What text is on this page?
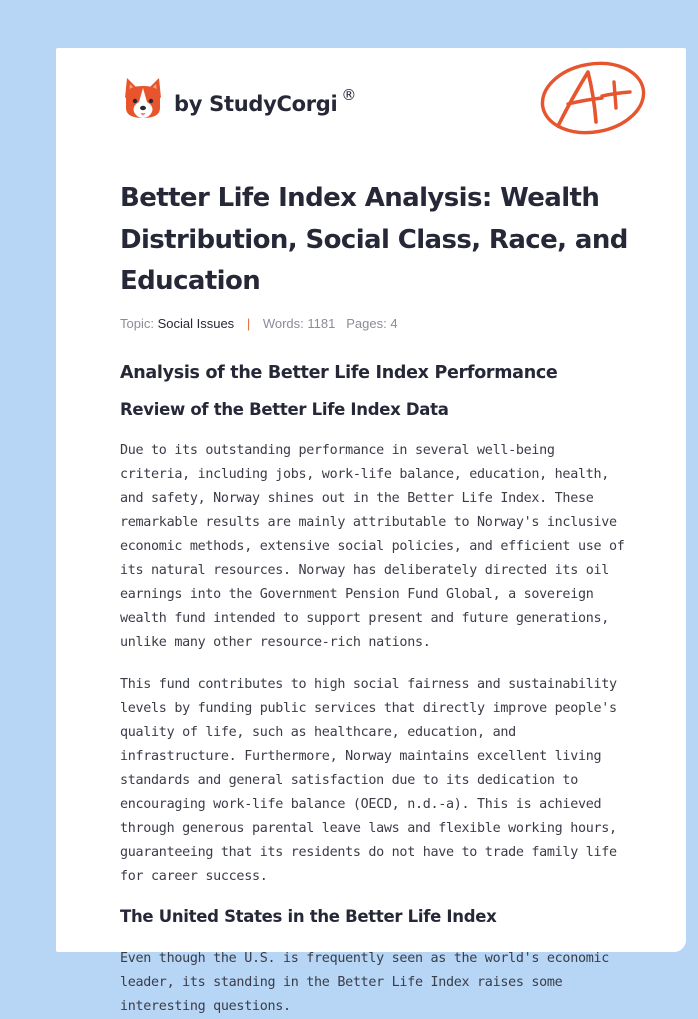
by StudyCorgi ®
Better Life Index Analysis: Wealth Distribution, Social Class, Race, and Education
Topic: Social Issues | Words: 1181 Pages: 4
Analysis of the Better Life Index Performance
Review of the Better Life Index Data

Due to its outstanding performance in several well-being criteria, including jobs, work-life balance, education, health, and safety, Norway shines out in the Better Life Index. These remarkable results are mainly attributable to Norway's inclusive economic methods, extensive social policies, and efficient use of its natural resources. Norway has deliberately directed its oil earnings into the Government Pension Fund Global, a sovereign wealth fund intended to support present and future generations, unlike many other resource-rich nations.

This fund contributes to high social fairness and sustainability levels by funding public services that directly improve people's quality of life, such as healthcare, education, and infrastructure. Furthermore, Norway maintains excellent living standards and general satisfaction due to its dedication to encouraging work-life balance (OECD, n.d.-a). This is achieved through generous parental leave laws and flexible working hours, guaranteeing that its residents do not have to trade family life for career success.

The United States in the Better Life Index

Even though the U.S. is frequently seen as the world's economic leader, its standing in the Better Life Index raises some interesting questions.
